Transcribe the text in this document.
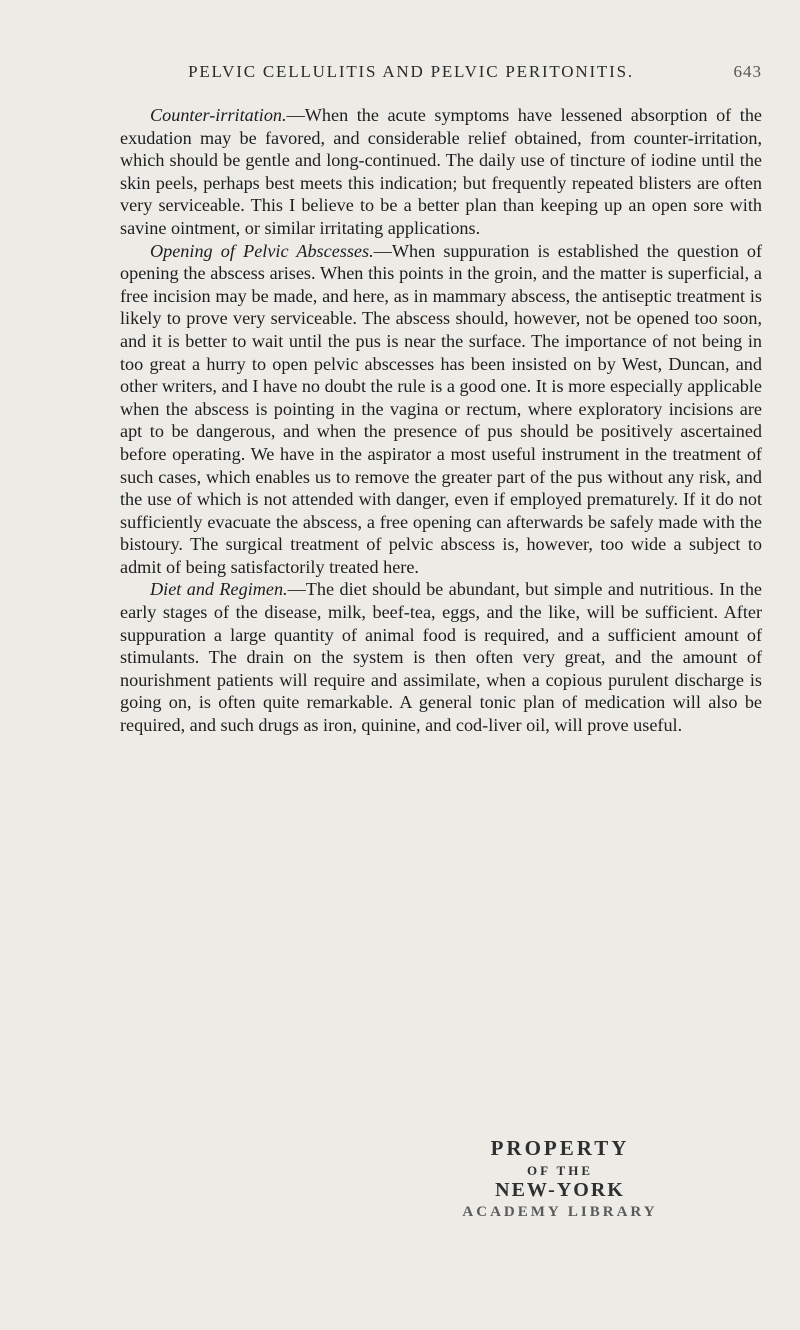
PELVIC CELLULITIS AND PELVIC PERITONITIS.	643

Counter-irritation.—When the acute symptoms have lessened absorption of the exudation may be favored, and considerable relief obtained, from counter-irritation, which should be gentle and long-continued. The daily use of tincture of iodine until the skin peels, perhaps best meets this indication; but frequently repeated blisters are often very serviceable. This I believe to be a better plan than keeping up an open sore with savine ointment, or similar irritating applications.

Opening of Pelvic Abscesses.—When suppuration is established the question of opening the abscess arises. When this points in the groin, and the matter is superficial, a free incision may be made, and here, as in mammary abscess, the antiseptic treatment is likely to prove very serviceable. The abscess should, however, not be opened too soon, and it is better to wait until the pus is near the surface. The importance of not being in too great a hurry to open pelvic abscesses has been insisted on by West, Duncan, and other writers, and I have no doubt the rule is a good one. It is more especially applicable when the abscess is pointing in the vagina or rectum, where exploratory incisions are apt to be dangerous, and when the presence of pus should be positively ascertained before operating. We have in the aspirator a most useful instrument in the treatment of such cases, which enables us to remove the greater part of the pus without any risk, and the use of which is not attended with danger, even if employed prematurely. If it do not sufficiently evacuate the abscess, a free opening can afterwards be safely made with the bistoury. The surgical treatment of pelvic abscess is, however, too wide a subject to admit of being satisfactorily treated here.

Diet and Regimen.—The diet should be abundant, but simple and nutritious. In the early stages of the disease, milk, beef-tea, eggs, and the like, will be sufficient. After suppuration a large quantity of animal food is required, and a sufficient amount of stimulants. The drain on the system is then often very great, and the amount of nourishment patients will require and assimilate, when a copious purulent discharge is going on, is often quite remarkable. A general tonic plan of medication will also be required, and such drugs as iron, quinine, and cod-liver oil, will prove useful.

PROPERTY
OF THE
NEW-YORK
ACADEMY LIBRARY
